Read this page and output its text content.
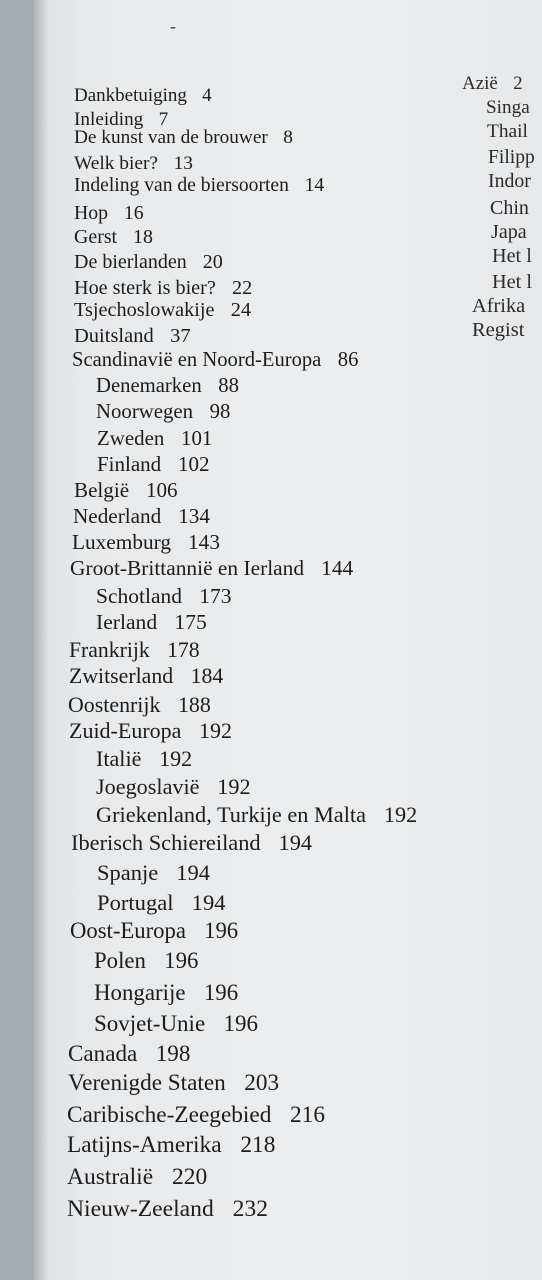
-
Dankbetuiging 4
Inleiding 7
De kunst van de brouwer 8
Welk bier? 13
Indeling van de biersoorten 14
Hop 16
Gerst 18
De bierlanden 20
Hoe sterk is bier? 22
Tsjechoslowakije 24
Duitsland 37
Scandinavië en Noord-Europa 86
Denemarken 88
Noorwegen 98
Zweden 101
Finland 102
België 106
Nederland 134
Luxemburg 143
Groot-Brittannië en Ierland 144
Schotland 173
Ierland 175
Frankrijk 178
Zwitserland 184
Oostenrijk 188
Zuid-Europa 192
Italië 192
Joegoslavië 192
Griekenland, Turkije en Malta 192
Iberisch Schiereiland 194
Spanje 194
Portugal 194
Oost-Europa 196
Polen 196
Hongarije 196
Sovjet-Unie 196
Canada 198
Verenigde Staten 203
Caribische-Zeegebied 216
Latijns-Amerika 218
Australië 220
Nieuw-Zeeland 232
Azië 2
Singa
Thail
Filipp
Indor
Chin
Japa
Het l
Het l
Afrika
Regist
